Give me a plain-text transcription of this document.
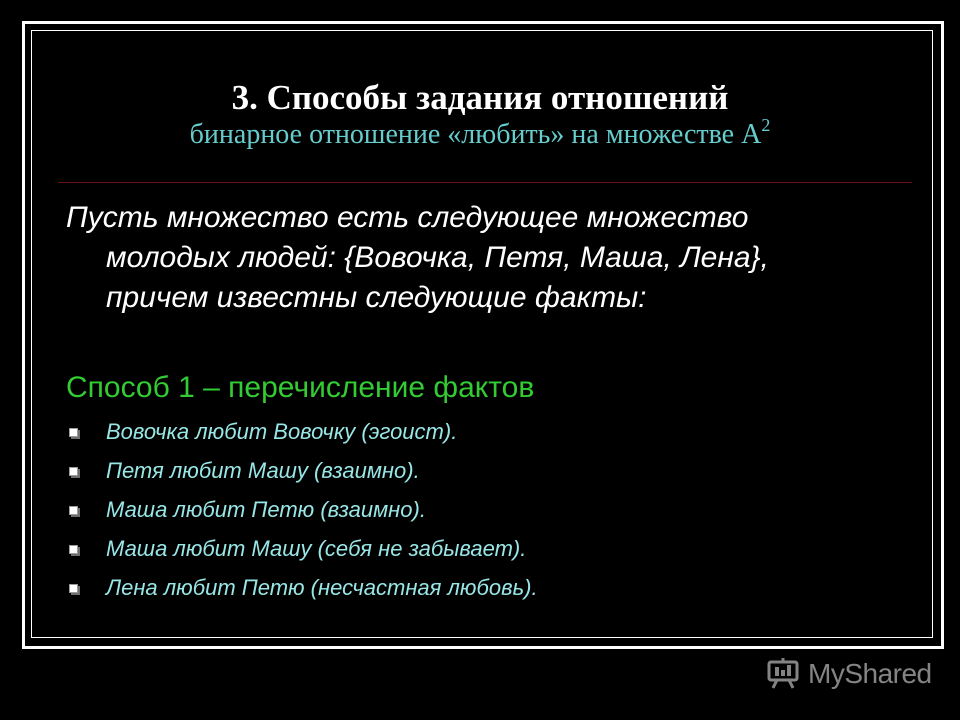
3. Способы задания отношений
бинарное отношение «любить» на множестве $А^2$
Пусть множество есть следующее множество молодых людей: {Вовочка, Петя, Маша, Лена}, причем известны следующие факты:
Способ 1 – перечисление фактов
Вовочка любит Вовочку (эгоист).
Петя любит Машу (взаимно).
Маша любит Петю (взаимно).
Маша любит Машу (себя не забывает).
Лена любит Петю (несчастная любовь).
MyShared
